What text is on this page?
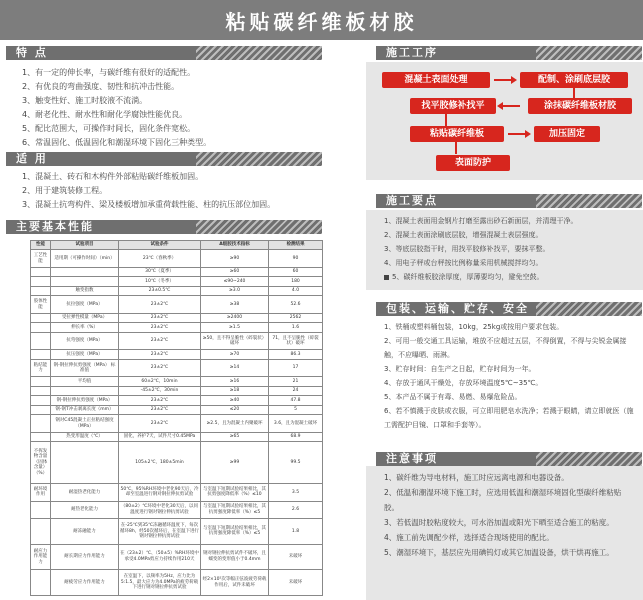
粘贴碳纤维板材胶
特 点
1、有一定的伸长率，与碳纤维有很好的适配性。
2、有优良的弯曲强度、韧性和抗冲击性能。
3、触变性好、施工时胶液不流淌。
4、耐老化性、耐水性和耐化学腐蚀性能优良。
5、配比范围大，可操作时间长，固化条件宽松。
6、常温固化、低温固化和潮湿环境下固化三种类型。
适 用
1、混凝土、砖石和木构件外部粘贴碳纤维板加固。
2、用于建筑装修工程。
3、混凝土抗弯构件、梁及楼板增加承重荷载性能、柱的抗压部位加固。
主要基本性能
性能	试验项目	试验条件	A级胶技术指标	检测结果
工艺性能	适用期（可操作时间）（min）	23℃（春秋季）	≥90	90
		30℃（夏季）	≥60	60
		10℃（冬季）	≤90~240	180
	触变指数	23±0.5℃	≥3.0	4.0
胶体性能	抗拉强度（MPa）	23±2℃	≥38	52.6
	受拉弹性模量（MPa）	23±2℃	≥2400	2562
	伸长率（%）	23±2℃	≥1.5	1.6
	抗弯强度（MPa）	23±2℃	≥50，且不得呈脆性（碎裂状）破坏	71，且不呈脆性（碎裂状）破坏
	抗压强度（MPa）	23±2℃	≥70	86.3
粘结能力	钢-钢拉伸抗剪强度（MPa） 标准值	23±2℃	≥14	17
	平均值	60±2℃，10min	≥16	21
		-45±2℃，30min	≥18	24
	钢-钢拉伸抗剪强度（MPa）	23±2℃	≥40	47.8
	钢-钢T冲击剥离长度（mm）	23±2℃	≤20	5
	钢对C45混凝土正拉粘结强度（MPa）	23±2℃	≥2.5，且为混凝土内聚破坏	3.6，且为混凝土破坏
	热变形温度（℃）	固化，养护7天，试件尺寸0.45MPa	≥65	68.9
不挥发物含量（固体含量）（%）		105±2℃，180±5min	≥99	99.5
耐环境作用	耐湿热老化能力	50℃，95%RH环境中老化90天后，冷却至室温进行钢对钢拉伸抗剪试验	与室温下短期试验结果相比，其抗剪强度降低率（%）≤10	3.5
	耐热老化能力	（80±2）℃环境中老化30天后，以同温度进行钢对钢拉伸抗剪试验	与室温下短期试验结果相比，其抗剪强度降低率（%）≤5	2.6
	耐冻融能力	在-25℃到35℃冻融循环温度下，每次循环8h，经50次循环后，在室温下进行钢对钢拉伸抗剪试验	与室温下短期试验结果相比，其抗剪强度降低率（%）≤5	1.8
耐应力作用能力	耐长期应力作用能力	在（23±2）℃、（50±5）%RH环境中承受4.0MPa剪应力持续作用210天	钢对钢拉伸抗剪试件不破坏，且蠕变的变形值小于0.4mm	未破坏
	耐疲劳应力作用能力	在室温下，以频率为5Hz，应力比为5:1.5，最大应力为4.0MPa的疲劳荷载下进行钢对钢拉伸抗剪试验	经2×10⁵次等幅正弦波疲劳荷载作用后，试件未破坏	未破坏
施工工序
混凝土表面处理	配制、涂刷底层胶
找平胶修补找平	涂抹碳纤维板材胶
粘贴碳纤维板	加压固定
表面防护
施工要点
1、混凝土表面用金钢片打磨至露出砂石新面层，并清理干净。
2、混凝土表面涂刷底层胶，增强混凝土表层强度。
3、等底层胶指干时，用找平胶修补找平，要抹平整。
4、用电子秤或台秤按比例称量采用机械搅拌均匀。
5、碳纤维板胶涂厚度，厚薄要均匀，避免空鼓。
包装、运输、贮存、安全
1、铁桶或塑料桶包装，10kg，25kg或按用户要求包装。
2、可用一般交通工具运输，堆放不应超过五层，不得倒置，不得与尖锐金属接触，不应曝晒、雨淋。
3、贮存时间：自生产之日起，贮存时间为一年。
4、存放于通风干燥处，存放环境温度5℃~35℃。
5、本产品不属于有毒、易燃、易爆危险品。
6、若不慎溅于皮肤或衣服，可立即用肥皂水洗净；若溅于眼睛，请立即就医（施工需配护目镜、口罩和手套等）。
注意事项
1、碳纤维为导电材料，施工时应远离电源和电器设备。
2、低温和潮湿环境下施工时，应选用低温和潮湿环境固化型碳纤维粘贴胶。
3、若低温时胶粘度较大，可水浴加温或阳光下晒至适合施工的粘度。
4、施工前先调配少样，选择适合现场使用的配比。
5、潮湿环境下，基层应先用碘钨灯或其它加温设备，烘干烘再施工。
